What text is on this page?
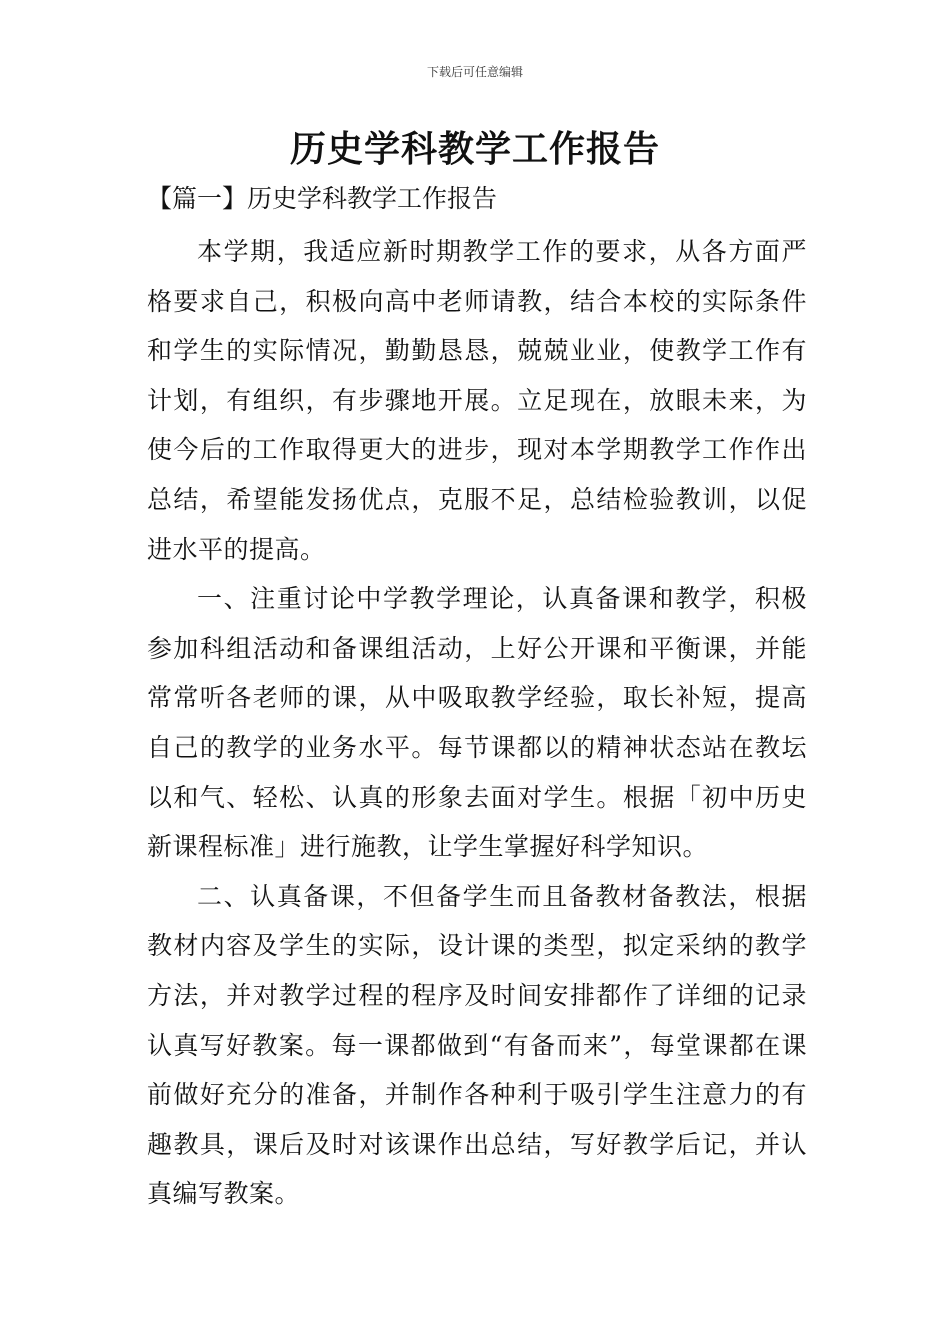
下载后可任意编辑
历史学科教学工作报告
【篇一】历史学科教学工作报告

本学期，我适应新时期教学工作的要求，从各方面严格要求自己，积极向高中老师请教，结合本校的实际条件和学生的实际情况，勤勤恳恳，兢兢业业，使教学工作有计划，有组织，有步骤地开展。立足现在，放眼未来，为使今后的工作取得更大的进步，现对本学期教学工作作出总结，希望能发扬优点，克服不足，总结检验教训，以促进水平的提高。

一、注重讨论中学教学理论，认真备课和教学，积极参加科组活动和备课组活动，上好公开课和平衡课，并能常常听各老师的课，从中吸取教学经验，取长补短，提高自己的教学的业务水平。每节课都以的精神状态站在教坛以和气、轻松、认真的形象去面对学生。根据「初中历史新课程标准」进行施教，让学生掌握好科学知识。

二、认真备课，不但备学生而且备教材备教法，根据教材内容及学生的实际，设计课的类型，拟定采纳的教学方法，并对教学过程的程序及时间安排都作了详细的记录认真写好教案。每一课都做到“有备而来”，每堂课都在课前做好充分的准备，并制作各种利于吸引学生注意力的有趣教具，课后及时对该课作出总结，写好教学后记，并认真编写教案。
